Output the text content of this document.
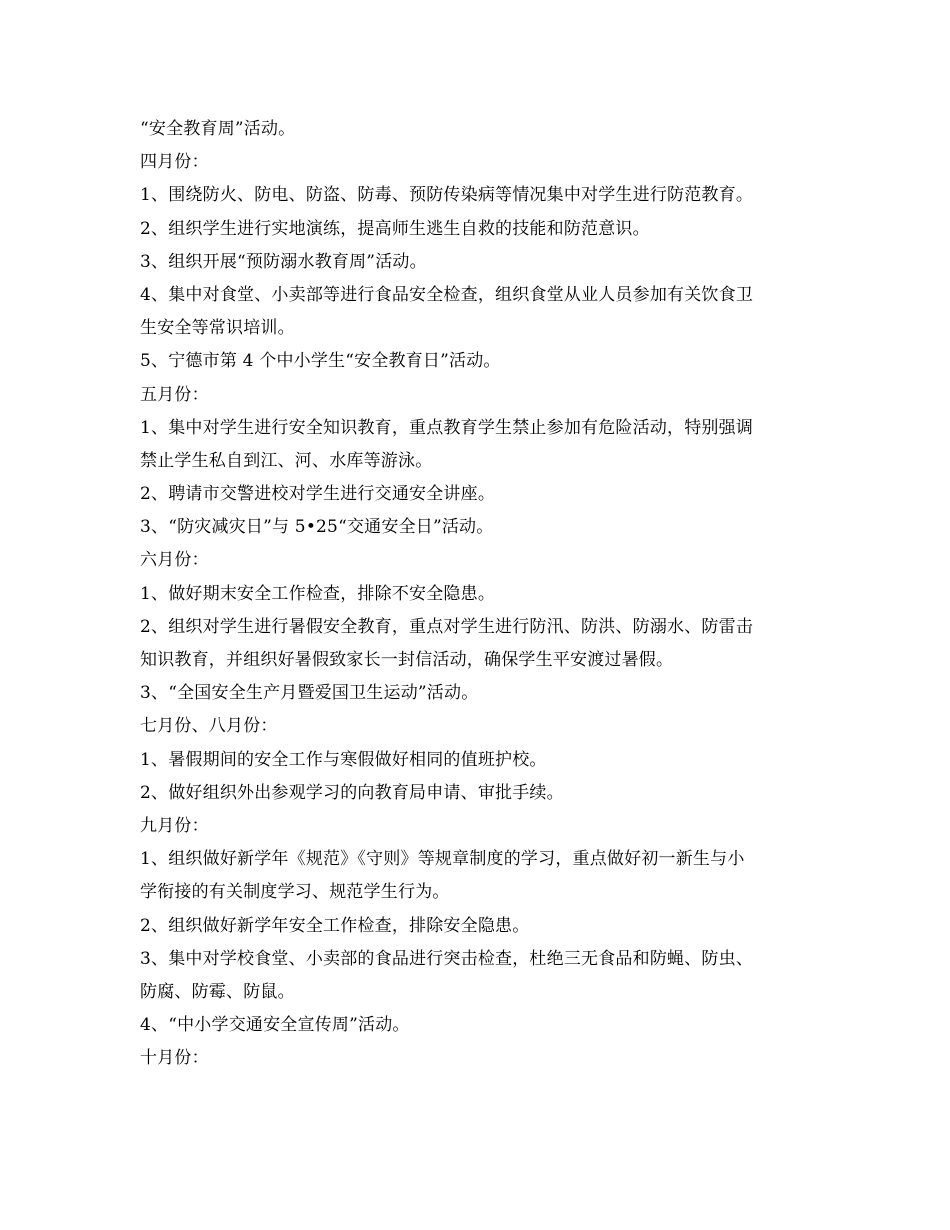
“安全教育周”活动。
四月份：
1、围绕防火、防电、防盗、防毒、预防传染病等情况集中对学生进行防范教育。
2、组织学生进行实地演练，提高师生逃生自救的技能和防范意识。
3、组织开展“预防溺水教育周”活动。
4、集中对食堂、小卖部等进行食品安全检查，组织食堂从业人员参加有关饮食卫
生安全等常识培训。
5、宁德市第 4 个中小学生“安全教育日”活动。
五月份：
1、集中对学生进行安全知识教育，重点教育学生禁止参加有危险活动，特别强调
禁止学生私自到江、河、水库等游泳。
2、聘请市交警进校对学生进行交通安全讲座。
3、“防灾减灾日”与 5•25“交通安全日”活动。
六月份：
1、做好期末安全工作检查，排除不安全隐患。
2、组织对学生进行暑假安全教育，重点对学生进行防汛、防洪、防溺水、防雷击
知识教育，并组织好暑假致家长一封信活动，确保学生平安渡过暑假。
3、“全国安全生产月暨爱国卫生运动”活动。
七月份、八月份：
1、暑假期间的安全工作与寒假做好相同的值班护校。
2、做好组织外出参观学习的向教育局申请、审批手续。
九月份：
1、组织做好新学年《规范》《守则》等规章制度的学习，重点做好初一新生与小
学衔接的有关制度学习、规范学生行为。
2、组织做好新学年安全工作检查，排除安全隐患。
3、集中对学校食堂、小卖部的食品进行突击检查，杜绝三无食品和防蝇、防虫、
防腐、防霉、防鼠。
4、“中小学交通安全宣传周”活动。
十月份：
